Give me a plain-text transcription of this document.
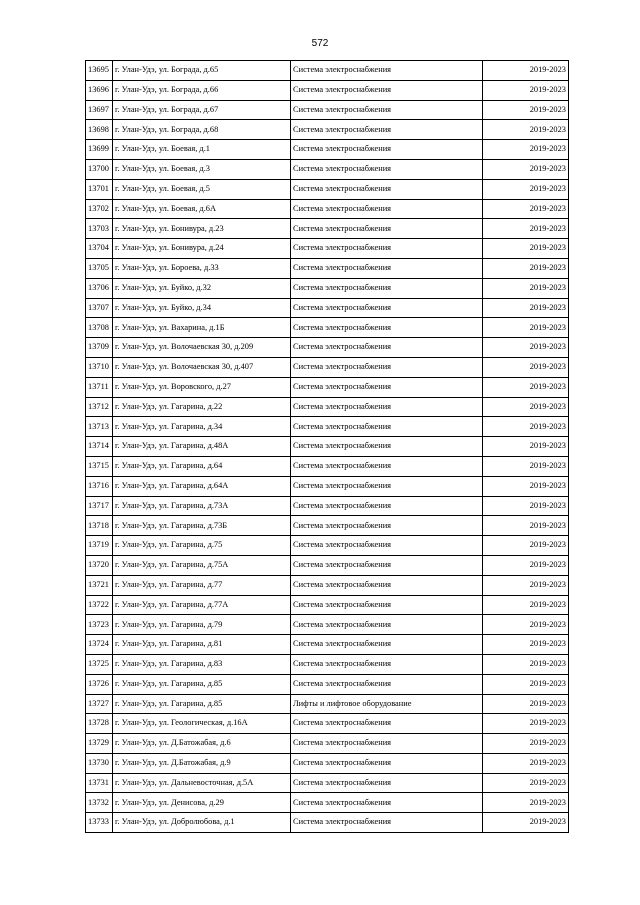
572
13695	г. Улан-Удэ, ул. Бограда, д.65	Система электроснабжения	2019-2023
13696	г. Улан-Удэ, ул. Бограда, д.66	Система электроснабжения	2019-2023
13697	г. Улан-Удэ, ул. Бограда, д.67	Система электроснабжения	2019-2023
13698	г. Улан-Удэ, ул. Бограда, д.68	Система электроснабжения	2019-2023
13699	г. Улан-Удэ, ул. Боевая, д.1	Система электроснабжения	2019-2023
13700	г. Улан-Удэ, ул. Боевая, д.3	Система электроснабжения	2019-2023
13701	г. Улан-Удэ, ул. Боевая, д.5	Система электроснабжения	2019-2023
13702	г. Улан-Удэ, ул. Боевая, д.6А	Система электроснабжения	2019-2023
13703	г. Улан-Удэ, ул. Бонивура, д.23	Система электроснабжения	2019-2023
13704	г. Улан-Удэ, ул. Бонивура, д.24	Система электроснабжения	2019-2023
13705	г. Улан-Удэ, ул. Бороева, д.33	Система электроснабжения	2019-2023
13706	г. Улан-Удэ, ул. Буйко, д.32	Система электроснабжения	2019-2023
13707	г. Улан-Удэ, ул. Буйко, д.34	Система электроснабжения	2019-2023
13708	г. Улан-Удэ, ул. Вахарина, д.1Б	Система электроснабжения	2019-2023
13709	г. Улан-Удэ, ул. Волочаевская 30, д.209	Система электроснабжения	2019-2023
13710	г. Улан-Удэ, ул. Волочаевская 30, д.407	Система электроснабжения	2019-2023
13711	г. Улан-Удэ, ул. Воровского, д.27	Система электроснабжения	2019-2023
13712	г. Улан-Удэ, ул. Гагарина, д.22	Система электроснабжения	2019-2023
13713	г. Улан-Удэ, ул. Гагарина, д.34	Система электроснабжения	2019-2023
13714	г. Улан-Удэ, ул. Гагарина, д.48А	Система электроснабжения	2019-2023
13715	г. Улан-Удэ, ул. Гагарина, д.64	Система электроснабжения	2019-2023
13716	г. Улан-Удэ, ул. Гагарина, д.64А	Система электроснабжения	2019-2023
13717	г. Улан-Удэ, ул. Гагарина, д.73А	Система электроснабжения	2019-2023
13718	г. Улан-Удэ, ул. Гагарина, д.73Б	Система электроснабжения	2019-2023
13719	г. Улан-Удэ, ул. Гагарина, д.75	Система электроснабжения	2019-2023
13720	г. Улан-Удэ, ул. Гагарина, д.75А	Система электроснабжения	2019-2023
13721	г. Улан-Удэ, ул. Гагарина, д.77	Система электроснабжения	2019-2023
13722	г. Улан-Удэ, ул. Гагарина, д.77А	Система электроснабжения	2019-2023
13723	г. Улан-Удэ, ул. Гагарина, д.79	Система электроснабжения	2019-2023
13724	г. Улан-Удэ, ул. Гагарина, д.81	Система электроснабжения	2019-2023
13725	г. Улан-Удэ, ул. Гагарина, д.83	Система электроснабжения	2019-2023
13726	г. Улан-Удэ, ул. Гагарина, д.85	Система электроснабжения	2019-2023
13727	г. Улан-Удэ, ул. Гагарина, д.85	Лифты и лифтовое оборудование	2019-2023
13728	г. Улан-Удэ, ул. Геологическая, д.16А	Система электроснабжения	2019-2023
13729	г. Улан-Удэ, ул. Д.Батожабая, д.6	Система электроснабжения	2019-2023
13730	г. Улан-Удэ, ул. Д.Батожабая, д.9	Система электроснабжения	2019-2023
13731	г. Улан-Удэ, ул. Дальневосточная, д.5А	Система электроснабжения	2019-2023
13732	г. Улан-Удэ, ул. Денисова, д.29	Система электроснабжения	2019-2023
13733	г. Улан-Удэ, ул. Добролюбова, д.1	Система электроснабжения	2019-2023
